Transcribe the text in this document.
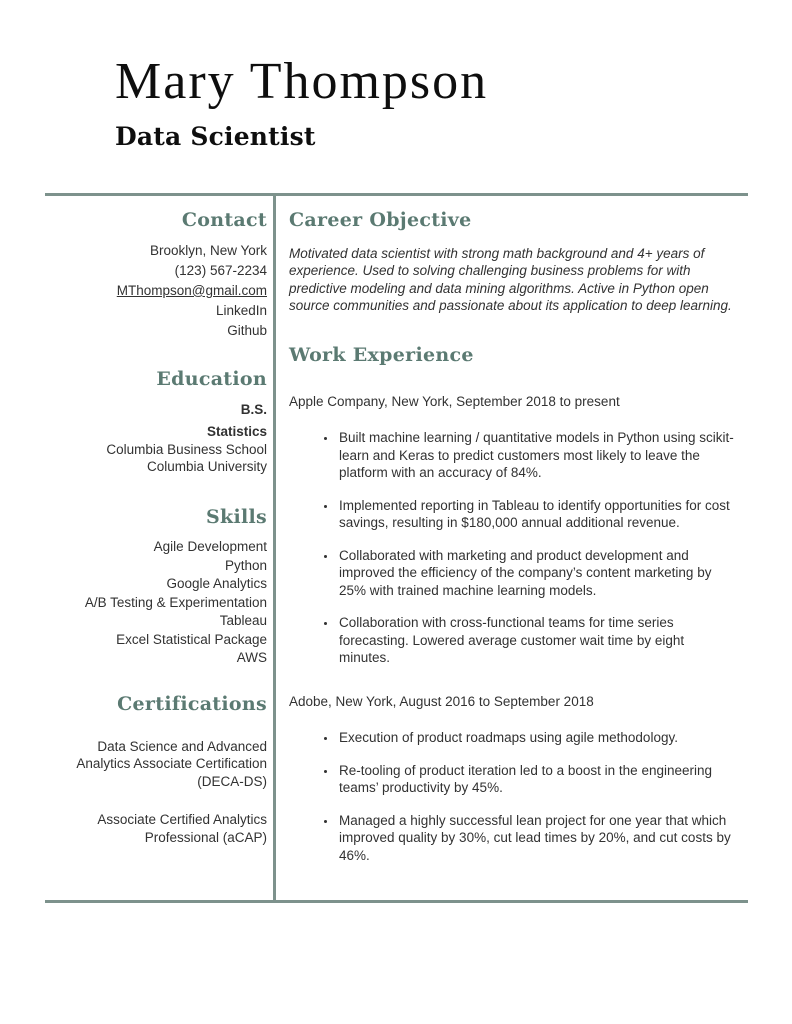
Mary Thompson
Data Scientist
Contact
Brooklyn, New York
(123) 567-2234
MThompson@gmail.com
LinkedIn
Github
Education
B.S.
Statistics
Columbia Business School
Columbia University
Skills
Agile Development
Python
Google Analytics
A/B Testing & Experimentation
Tableau
Excel Statistical Package
AWS
Certifications
Data Science and Advanced Analytics Associate Certification (DECA-DS)
Associate Certified Analytics Professional (aCAP)
Career Objective

Motivated data scientist with strong math background and 4+ years of experience. Used to solving challenging business problems for with predictive modeling and data mining algorithms. Active in Python open source communities and passionate about its application to deep learning.

Work Experience
Apple Company, New York, September 2018 to present
• Built machine learning / quantitative models in Python using scikit-learn and Keras to predict customers most likely to leave the platform with an accuracy of 84%.
• Implemented reporting in Tableau to identify opportunities for cost savings, resulting in $180,000 annual additional revenue.
• Collaborated with marketing and product development and improved the efficiency of the company’s content marketing by 25% with trained machine learning models.
• Collaboration with cross-functional teams for time series forecasting. Lowered average customer wait time by eight minutes.
Adobe, New York, August 2016 to September 2018
• Execution of product roadmaps using agile methodology.
• Re-tooling of product iteration led to a boost in the engineering teams’ productivity by 45%.
• Managed a highly successful lean project for one year that which improved quality by 30%, cut lead times by 20%, and cut costs by 46%.
